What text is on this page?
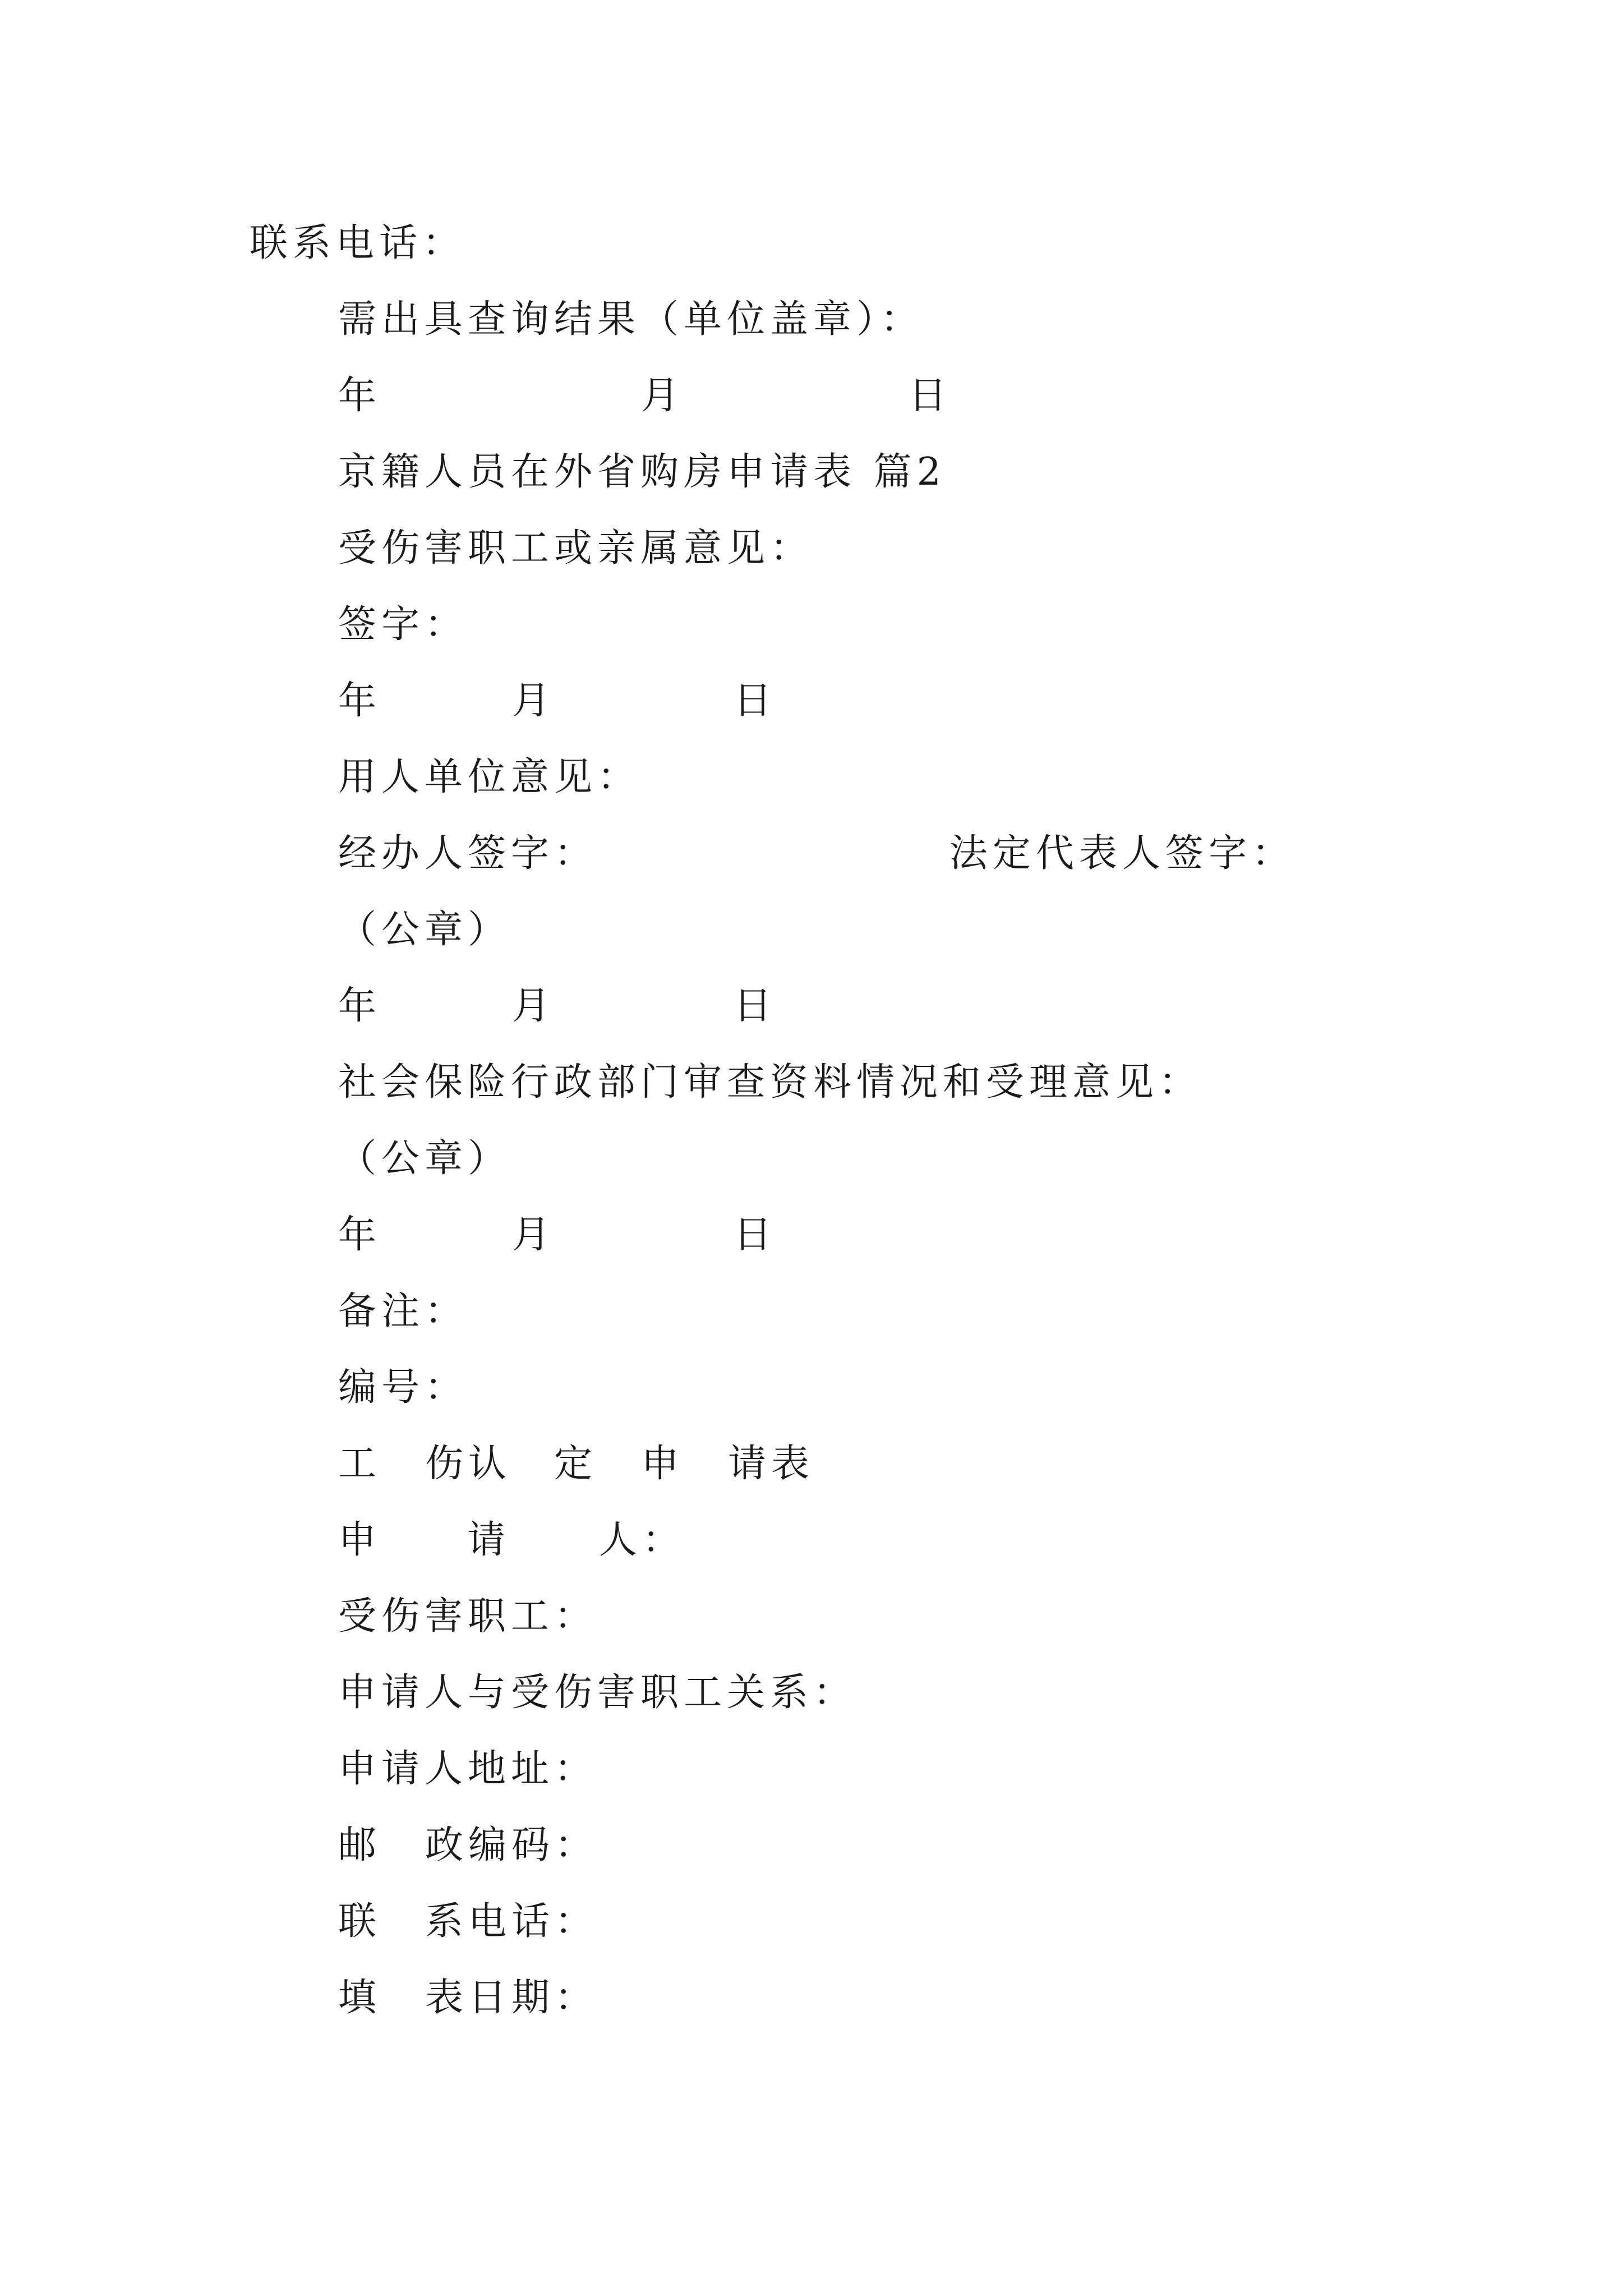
联系电话：
需出具查询结果（单位盖章）：

年

	月

	日

京籍人员在外省购房申请表 篇2
受伤害职工或亲属意见：
签字：

年

	月

	日

用人单位意见：

经办人签字：

	法定代表人签字：

（公章）

年

	月

	日

社会保险行政部门审查资料情况和受理意见：
（公章）

年

	月

	日

备注：
编号：

工

伤认

定

申

请表

申

请

人：

受伤害职工：
申请人与受伤害职工关系：
申请人地址：

邮

政编码：

联

系电话：

填

表日期：
